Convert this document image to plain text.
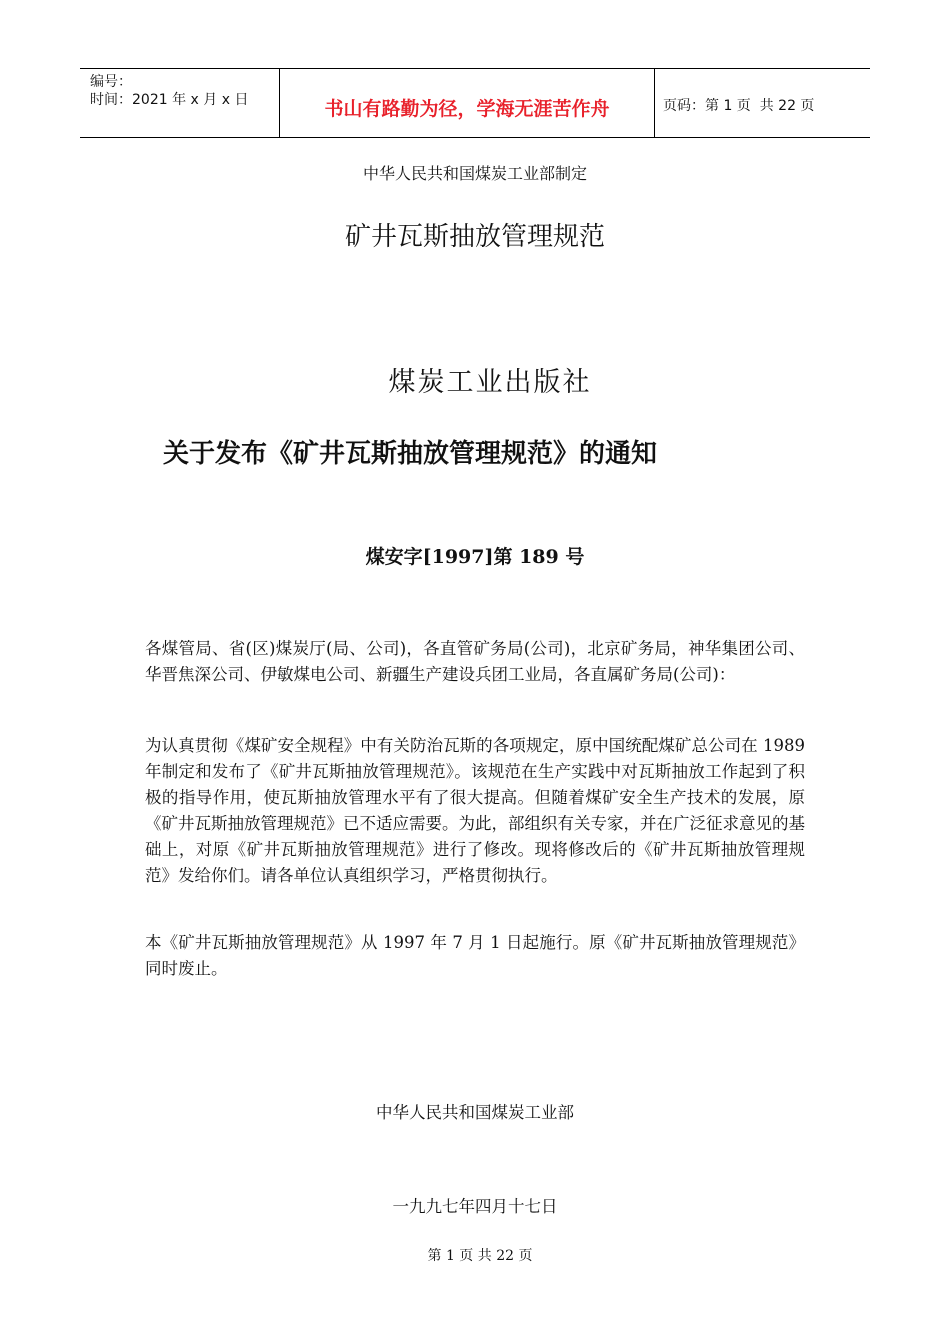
编号：
时间：2021 年 x 月 x 日	书山有路勤为径，学海无涯苦作舟	页码：第 1 页  共 22 页
中华人民共和国煤炭工业部制定
矿井瓦斯抽放管理规范
煤炭工业出版社
关于发布《矿井瓦斯抽放管理规范》的通知
煤安字[1997]第 189 号
各煤管局、省(区)煤炭厅(局、公司)，各直管矿务局(公司)，北京矿务局，神华集团公司、华晋焦深公司、伊敏煤电公司、新疆生产建设兵团工业局，各直属矿务局(公司)：
为认真贯彻《煤矿安全规程》中有关防治瓦斯的各项规定，原中国统配煤矿总公司在 1989 年制定和发布了《矿井瓦斯抽放管理规范》。该规范在生产实践中对瓦斯抽放工作起到了积极的指导作用，使瓦斯抽放管理水平有了很大提高。但随着煤矿安全生产技术的发展，原《矿井瓦斯抽放管理规范》已不适应需要。为此，部组织有关专家，并在广泛征求意见的基础上，对原《矿井瓦斯抽放管理规范》进行了修改。现将修改后的《矿井瓦斯抽放管理规范》发给你们。请各单位认真组织学习，严格贯彻执行。
本《矿井瓦斯抽放管理规范》从 1997 年 7 月 1 日起施行。原《矿井瓦斯抽放管理规范》同时废止。
中华人民共和国煤炭工业部
一九九七年四月十七日
第 1 页 共 22 页
